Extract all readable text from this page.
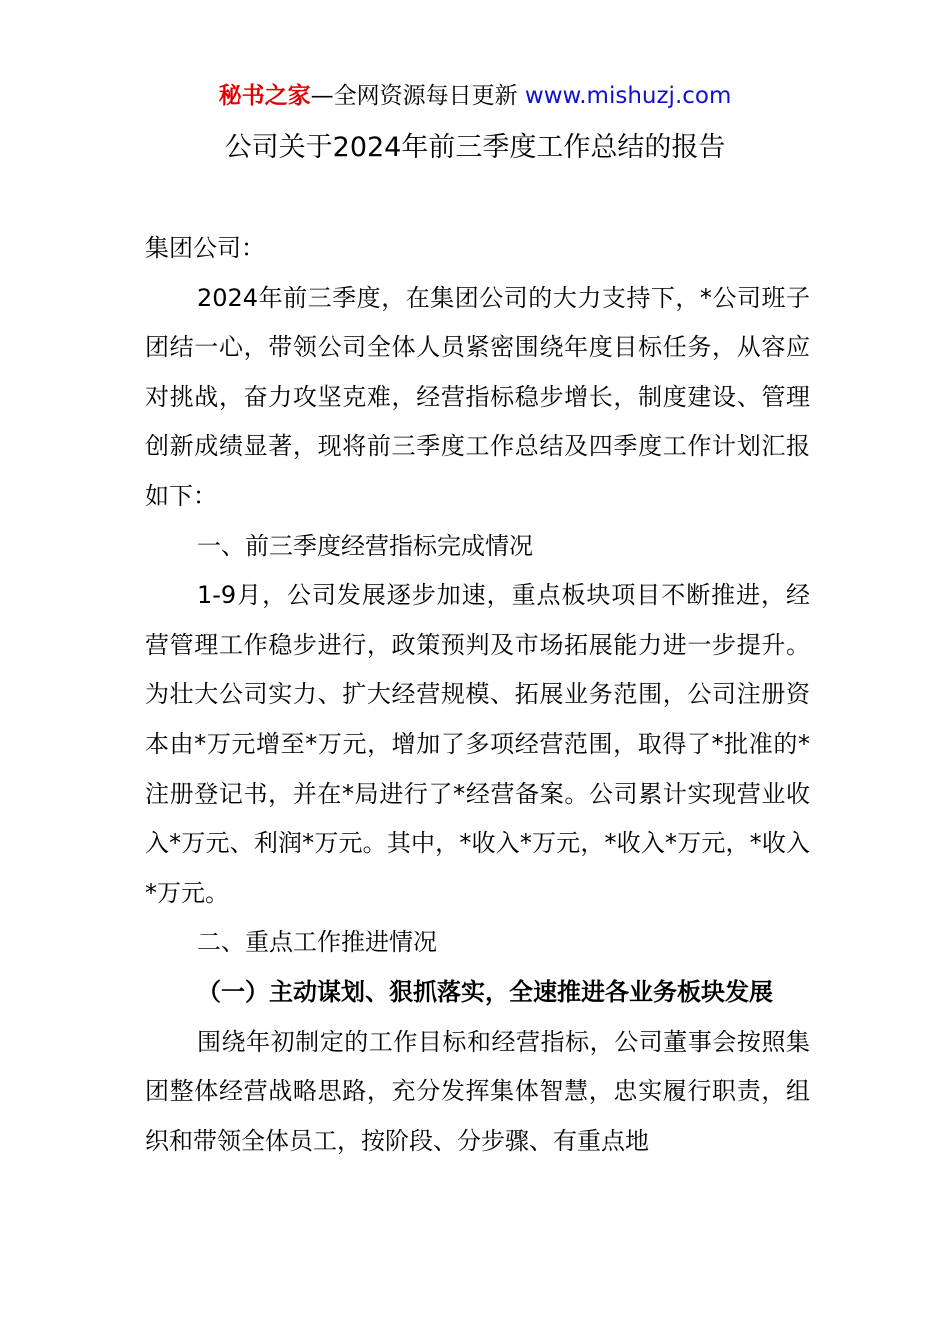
秘书之家—全网资源每日更新 www.mishuzj.com
公司关于2024年前三季度工作总结的报告

集团公司：

2024年前三季度，在集团公司的大力支持下，*公司班子团结一心，带领公司全体人员紧密围绕年度目标任务，从容应对挑战，奋力攻坚克难，经营指标稳步增长，制度建设、管理创新成绩显著，现将前三季度工作总结及四季度工作计划汇报如下：

一、前三季度经营指标完成情况

1-9月，公司发展逐步加速，重点板块项目不断推进，经营管理工作稳步进行，政策预判及市场拓展能力进一步提升。为壮大公司实力、扩大经营规模、拓展业务范围，公司注册资本由*万元增至*万元，增加了多项经营范围，取得了*批准的*注册登记书，并在*局进行了*经营备案。公司累计实现营业收入*万元、利润*万元。其中，*收入*万元，*收入*万元，*收入*万元。

二、重点工作推进情况

（一）主动谋划、狠抓落实，全速推进各业务板块发展

围绕年初制定的工作目标和经营指标，公司董事会按照集团整体经营战略思路，充分发挥集体智慧，忠实履行职责，组织和带领全体员工，按阶段、分步骤、有重点地
